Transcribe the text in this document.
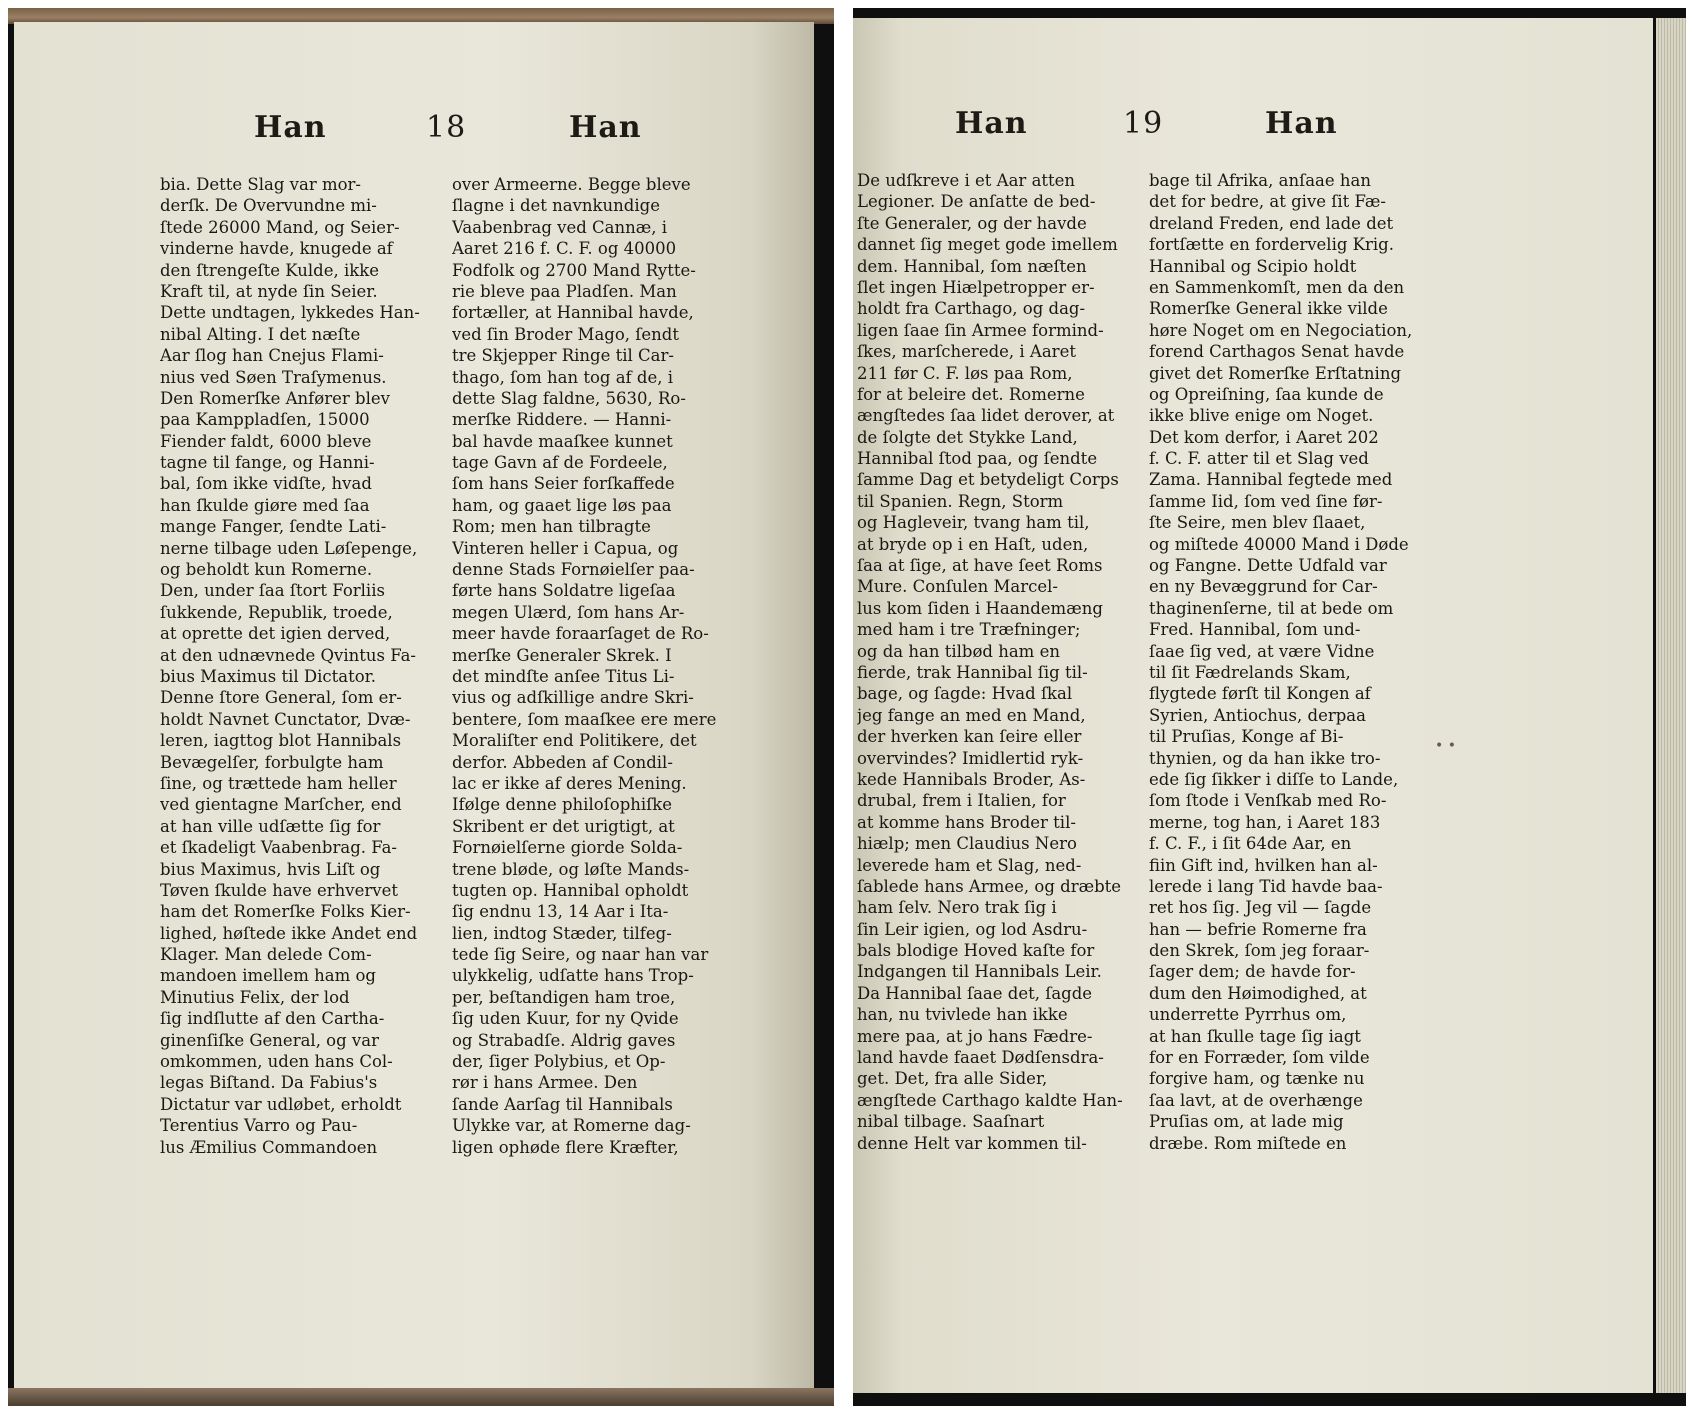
Han	18	Han
bia. Dette Slag var mor-
derſk. De Overvundne mi-
ſtede 26000 Mand, og Seier-
vinderne havde, knugede af
den ſtrengeſte Kulde, ikke
Kraft til, at nyde ſin Seier.
Dette undtagen, lykkedes Han-
nibal Alting. I det næſte
Aar ſlog han Cnejus Flami-
nius ved Søen Traſymenus.
Den Romerſke Anfører blev
paa Kamppladſen, 15000
Fiender faldt, 6000 bleve
tagne til fange, og Hanni-
bal, ſom ikke vidſte, hvad
han ſkulde giøre med ſaa
mange Fanger, ſendte Lati-
nerne tilbage uden Løſepenge,
og beholdt kun Romerne.
Den, under ſaa ſtort Forliis
ſukkende, Republik, troede,
at oprette det igien derved,
at den udnævnede Qvintus Fa-
bius Maximus til Dictator.
Denne ſtore General, ſom er-
holdt Navnet Cunctator, Dvæ-
leren, iagttog blot Hannibals
Bevægelſer, forbulgte ham
ſine, og trættede ham heller
ved gientagne Marſcher, end
at han ville udſætte ſig for
et ſkadeligt Vaabenbrag. Fa-
bius Maximus, hvis Liſt og
Tøven ſkulde have erhvervet
ham det Romerſke Folks Kier-
lighed, høſtede ikke Andet end
Klager. Man delede Com-
mandoen imellem ham og
Minutius Felix, der lod
ſig indſlutte af den Cartha-
ginenſiſke General, og var
omkommen, uden hans Col-
legas Biſtand. Da Fabius's
Dictatur var udløbet, erholdt
Terentius Varro og Pau-
lus Æmilius Commandoen
over Armeerne. Begge bleve
ſlagne i det navnkundige
Vaabenbrag ved Cannæ, i
Aaret 216 f. C. F. og 40000
Fodfolk og 2700 Mand Rytte-
rie bleve paa Pladſen. Man
fortæller, at Hannibal havde,
ved ſin Broder Mago, ſendt
tre Skjepper Ringe til Car-
thago, ſom han tog af de, i
dette Slag faldne, 5630, Ro-
merſke Riddere. — Hanni-
bal havde maaſkee kunnet
tage Gavn af de Fordeele,
ſom hans Seier forſkaffede
ham, og gaaet lige løs paa
Rom; men han tilbragte
Vinteren heller i Capua, og
denne Stads Fornøielſer paa-
førte hans Soldatre ligeſaa
megen Ulærd, ſom hans Ar-
meer havde foraarſaget de Ro-
merſke Generaler Skrek. I
det mindſte anſee Titus Li-
vius og adſkillige andre Skri-
bentere, ſom maaſkee ere mere
Moraliſter end Politikere, det
derfor. Abbeden af Condil-
lac er ikke af deres Mening.
Ifølge denne philoſophiſke
Skribent er det urigtigt, at
Fornøielſerne giorde Solda-
trene bløde, og løſte Mands-
tugten op. Hannibal opholdt
ſig endnu 13, 14 Aar i Ita-
lien, indtog Stæder, tilfeg-
tede ſig Seire, og naar han var
ulykkelig, udſatte hans Trop-
per, beſtandigen ham troe,
ſig uden Kuur, for ny Qvide
og Strabadſe. Aldrig gaves
der, ſiger Polybius, et Op-
rør i hans Armee. Den
ſande Aarſag til Hannibals
Ulykke var, at Romerne dag-
ligen ophøde flere Kræfter,
Han	19	Han
De udſkreve i et Aar atten
Legioner. De anſatte de bed-
ſte Generaler, og der havde
dannet ſig meget gode imellem
dem. Hannibal, ſom næſten
ſlet ingen Hiælpetropper er-
holdt fra Carthago, og dag-
ligen ſaae ſin Armee formind-
ſkes, marſcherede, i Aaret
211 før C. F. løs paa Rom,
for at beleire det. Romerne
ængſtedes ſaa lidet derover, at
de ſolgte det Stykke Land,
Hannibal ſtod paa, og ſendte
ſamme Dag et betydeligt Corps
til Spanien. Regn, Storm
og Hagleveir, tvang ham til,
at bryde op i en Haſt, uden,
ſaa at ſige, at have ſeet Roms
Mure. Conſulen Marcel-
lus kom ſiden i Haandemæng
med ham i tre Træfninger;
og da han tilbød ham en
fierde, trak Hannibal ſig til-
bage, og ſagde: Hvad ſkal
jeg fange an med en Mand,
der hverken kan ſeire eller
overvindes? Imidlertid ryk-
kede Hannibals Broder, As-
drubal, frem i Italien, for
at komme hans Broder til-
hiælp; men Claudius Nero
leverede ham et Slag, ned-
ſablede hans Armee, og dræbte
ham ſelv. Nero trak ſig i
ſin Leir igien, og lod Asdru-
bals blodige Hoved kaſte for
Indgangen til Hannibals Leir.
Da Hannibal ſaae det, ſagde
han, nu tvivlede han ikke
mere paa, at jo hans Fædre-
land havde faaet Dødſensdra-
get. Det, fra alle Sider,
ængſtede Carthago kaldte Han-
nibal tilbage. Saaſnart
denne Helt var kommen til-
bage til Afrika, anſaae han
det for bedre, at give ſit Fæ-
dreland Freden, end lade det
fortſætte en fordervelig Krig.
Hannibal og Scipio holdt
en Sammenkomſt, men da den
Romerſke General ikke vilde
høre Noget om en Negociation,
forend Carthagos Senat havde
givet det Romerſke Erſtatning
og Opreiſning, ſaa kunde de
ikke blive enige om Noget.
Det kom derfor, i Aaret 202
f. C. F. atter til et Slag ved
Zama. Hannibal fegtede med
ſamme Iid, ſom ved ſine før-
ſte Seire, men blev ſlaaet,
og miſtede 40000 Mand i Døde
og Fangne. Dette Udfald var
en ny Bevæggrund for Car-
thaginenſerne, til at bede om
Fred. Hannibal, ſom und-
ſaae ſig ved, at være Vidne
til ſit Fædrelands Skam,
flygtede førſt til Kongen af
Syrien, Antiochus, derpaa
til Pruſias, Konge af Bi-
thynien, og da han ikke tro-
ede ſig ſikker i diſſe to Lande,
ſom ſtode i Venſkab med Ro-
merne, tog han, i Aaret 183
f. C. F., i ſit 64de Aar, en
fiin Gift ind, hvilken han al-
lerede i lang Tid havde baa-
ret hos ſig. Jeg vil — ſagde
han — befrie Romerne fra
den Skrek, ſom jeg foraar-
ſager dem; de havde for-
dum den Høimodighed, at
underrette Pyrrhus om,
at han ſkulle tage ſig iagt
for en Forræder, ſom vilde
forgive ham, og tænke nu
ſaa lavt, at de overhænge
Pruſias om, at lade mig
dræbe. Rom miſtede en
• •
